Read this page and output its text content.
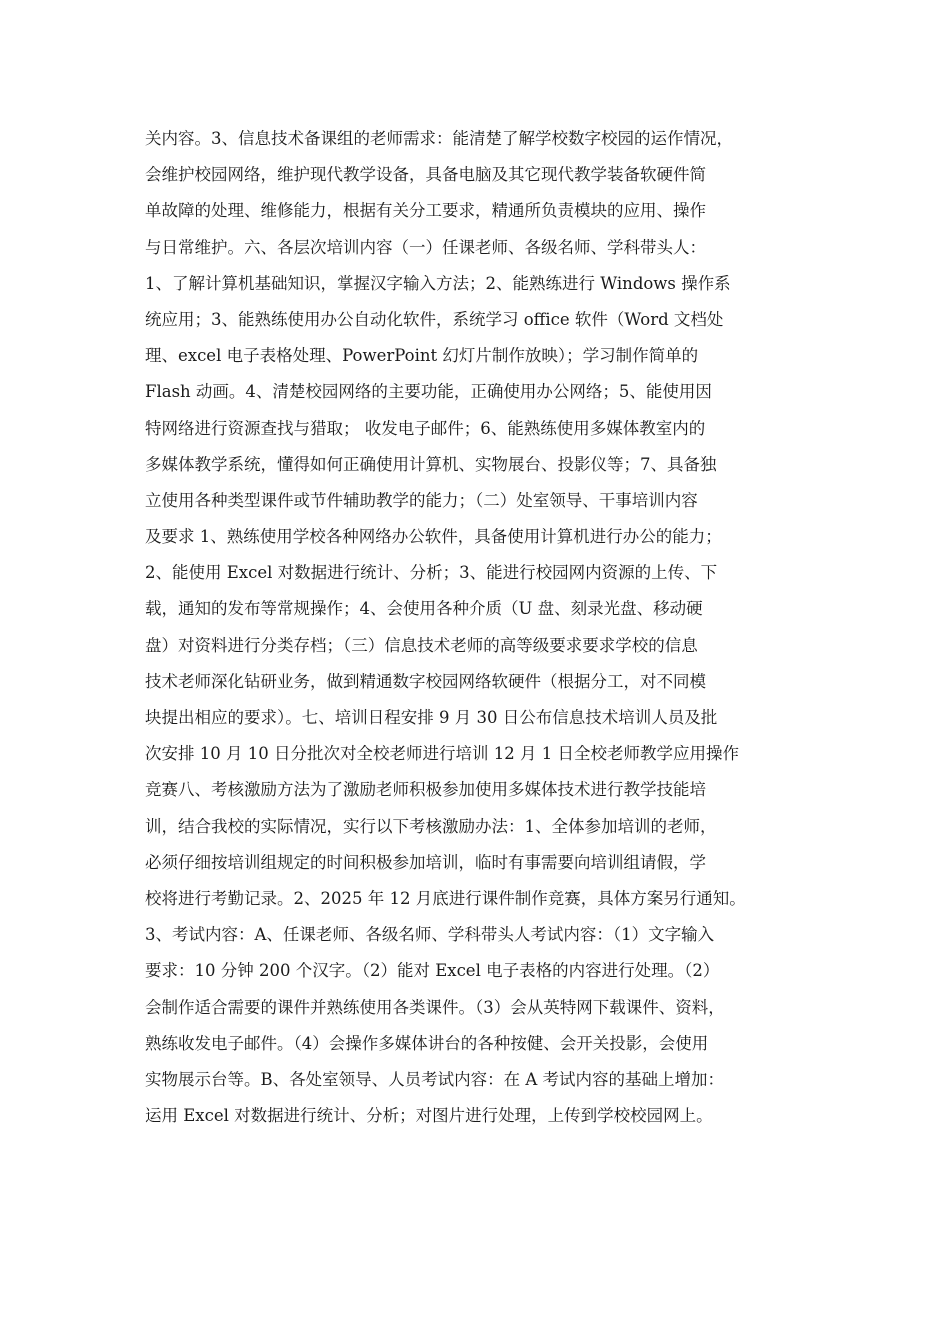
关内容。3、信息技术备课组的老师需求：能清楚了解学校数字校园的运作情况，
会维护校园网络，维护现代教学设备，具备电脑及其它现代教学装备软硬件简
单故障的处理、维修能力，根据有关分工要求，精通所负责模块的应用、操作
与日常维护。六、各层次培训内容（一）任课老师、各级名师、学科带头人：
1、了解计算机基础知识，掌握汉字输入方法；2、能熟练进行 Windows 操作系
统应用；3、能熟练使用办公自动化软件，系统学习 office 软件（Word 文档处
理、excel 电子表格处理、PowerPoint 幻灯片制作放映）；学习制作简单的
Flash 动画。4、清楚校园网络的主要功能，正确使用办公网络；5、能使用因
特网络进行资源查找与猎取； 收发电子邮件；6、能熟练使用多媒体教室内的
多媒体教学系统，懂得如何正确使用计算机、实物展台、投影仪等；7、具备独
立使用各种类型课件或节件辅助教学的能力；（二）处室领导、干事培训内容
及要求 1、熟练使用学校各种网络办公软件，具备使用计算机进行办公的能力；
2、能使用 Excel 对数据进行统计、分析；3、能进行校园网内资源的上传、下
载，通知的发布等常规操作；4、会使用各种介质（U 盘、刻录光盘、移动硬
盘）对资料进行分类存档；（三）信息技术老师的高等级要求要求学校的信息
技术老师深化钻研业务，做到精通数字校园网络软硬件（根据分工，对不同模
块提出相应的要求）。七、培训日程安排 9 月 30 日公布信息技术培训人员及批
次安排 10 月 10 日分批次对全校老师进行培训 12 月 1 日全校老师教学应用操作
竞赛八、考核激励方法为了激励老师积极参加使用多媒体技术进行教学技能培
训，结合我校的实际情况，实行以下考核激励办法：1、全体参加培训的老师，
必须仔细按培训组规定的时间积极参加培训，临时有事需要向培训组请假，学
校将进行考勤记录。2、2025 年 12 月底进行课件制作竞赛，具体方案另行通知。
3、考试内容：A、任课老师、各级名师、学科带头人考试内容：（1）文字输入
要求：10 分钟 200 个汉字。（2）能对 Excel 电子表格的内容进行处理。（2）
会制作适合需要的课件并熟练使用各类课件。（3）会从英特网下载课件、资料，
熟练收发电子邮件。（4）会操作多媒体讲台的各种按健、会开关投影，会使用
实物展示台等。B、各处室领导、人员考试内容：在 A 考试内容的基础上增加：
运用 Excel 对数据进行统计、分析；对图片进行处理，上传到学校校园网上。
